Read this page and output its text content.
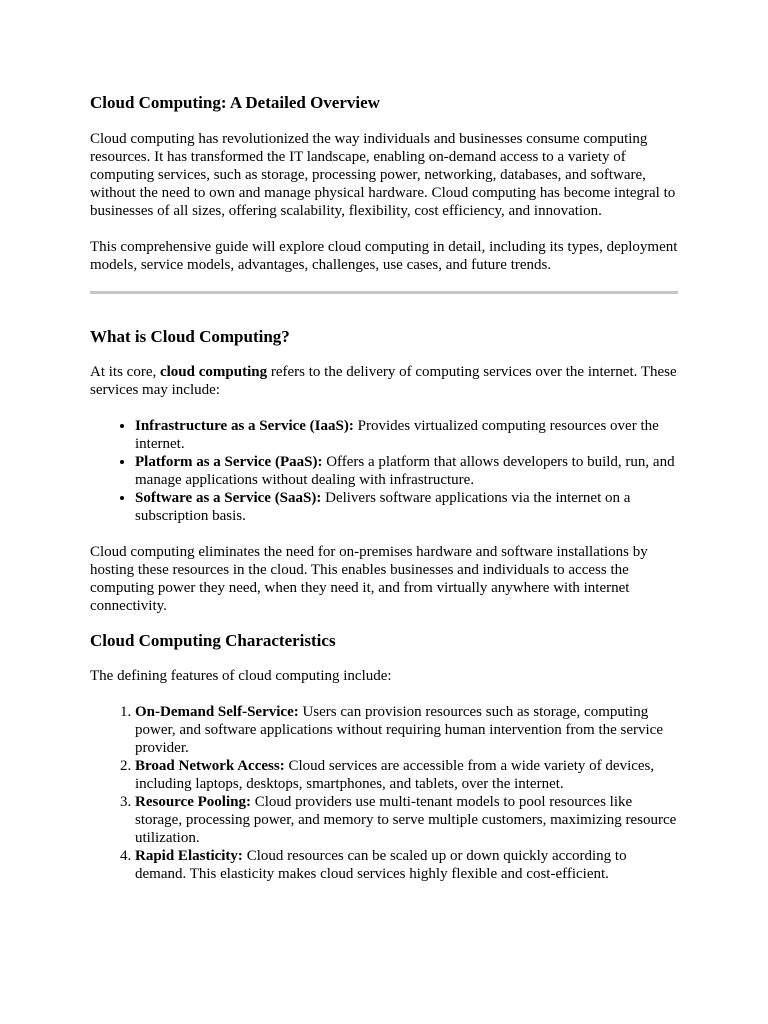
Cloud Computing: A Detailed Overview

Cloud computing has revolutionized the way individuals and businesses consume computing resources. It has transformed the IT landscape, enabling on-demand access to a variety of computing services, such as storage, processing power, networking, databases, and software, without the need to own and manage physical hardware. Cloud computing has become integral to businesses of all sizes, offering scalability, flexibility, cost efficiency, and innovation.

This comprehensive guide will explore cloud computing in detail, including its types, deployment models, service models, advantages, challenges, use cases, and future trends.

What is Cloud Computing?

At its core, cloud computing refers to the delivery of computing services over the internet. These services may include:

• Infrastructure as a Service (IaaS): Provides virtualized computing resources over the internet.
• Platform as a Service (PaaS): Offers a platform that allows developers to build, run, and manage applications without dealing with infrastructure.
• Software as a Service (SaaS): Delivers software applications via the internet on a subscription basis.

Cloud computing eliminates the need for on-premises hardware and software installations by hosting these resources in the cloud. This enables businesses and individuals to access the computing power they need, when they need it, and from virtually anywhere with internet connectivity.

Cloud Computing Characteristics

The defining features of cloud computing include:

1. On-Demand Self-Service: Users can provision resources such as storage, computing power, and software applications without requiring human intervention from the service provider.
2. Broad Network Access: Cloud services are accessible from a wide variety of devices, including laptops, desktops, smartphones, and tablets, over the internet.
3. Resource Pooling: Cloud providers use multi-tenant models to pool resources like storage, processing power, and memory to serve multiple customers, maximizing resource utilization.
4. Rapid Elasticity: Cloud resources can be scaled up or down quickly according to demand. This elasticity makes cloud services highly flexible and cost-efficient.
